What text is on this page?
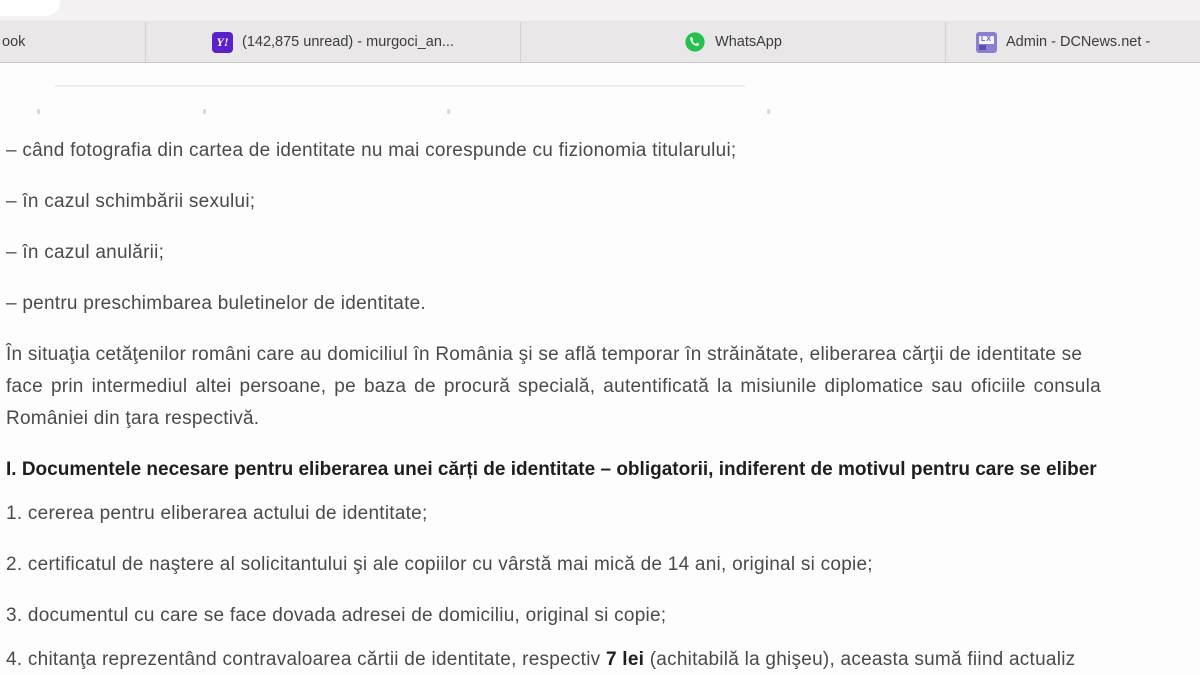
ook	Y! (142,875 unread) - murgoci_an...	WhatsApp	LX Admin - DCNews.net -

– când fotografia din cartea de identitate nu mai corespunde cu fizionomia titularului;

– în cazul schimbării sexului;

– în cazul anulării;

– pentru preschimbarea buletinelor de identitate.

În situaţia cetăţenilor români care au domiciliul în România şi se află temporar în străinătate, eliberarea cărţii de identitate se
face prin intermediul altei persoane, pe baza de procură specială, autentificată la misiunile diplomatice sau oficiile consula
României din ţara respectivă.

I. Documentele necesare pentru eliberarea unei cărți de identitate – obligatorii, indiferent de motivul pentru care se eliber

1. cererea pentru eliberarea actului de identitate;

2. certificatul de naştere al solicitantului şi ale copiilor cu vârstă mai mică de 14 ani, original si copie;

3. documentul cu care se face dovada adresei de domiciliu, original si copie;

4. chitanţa reprezentând contravaloarea cărtii de identitate, respectiv 7 lei (achitabilă la ghişeu), aceasta sumă fiind actualiz
